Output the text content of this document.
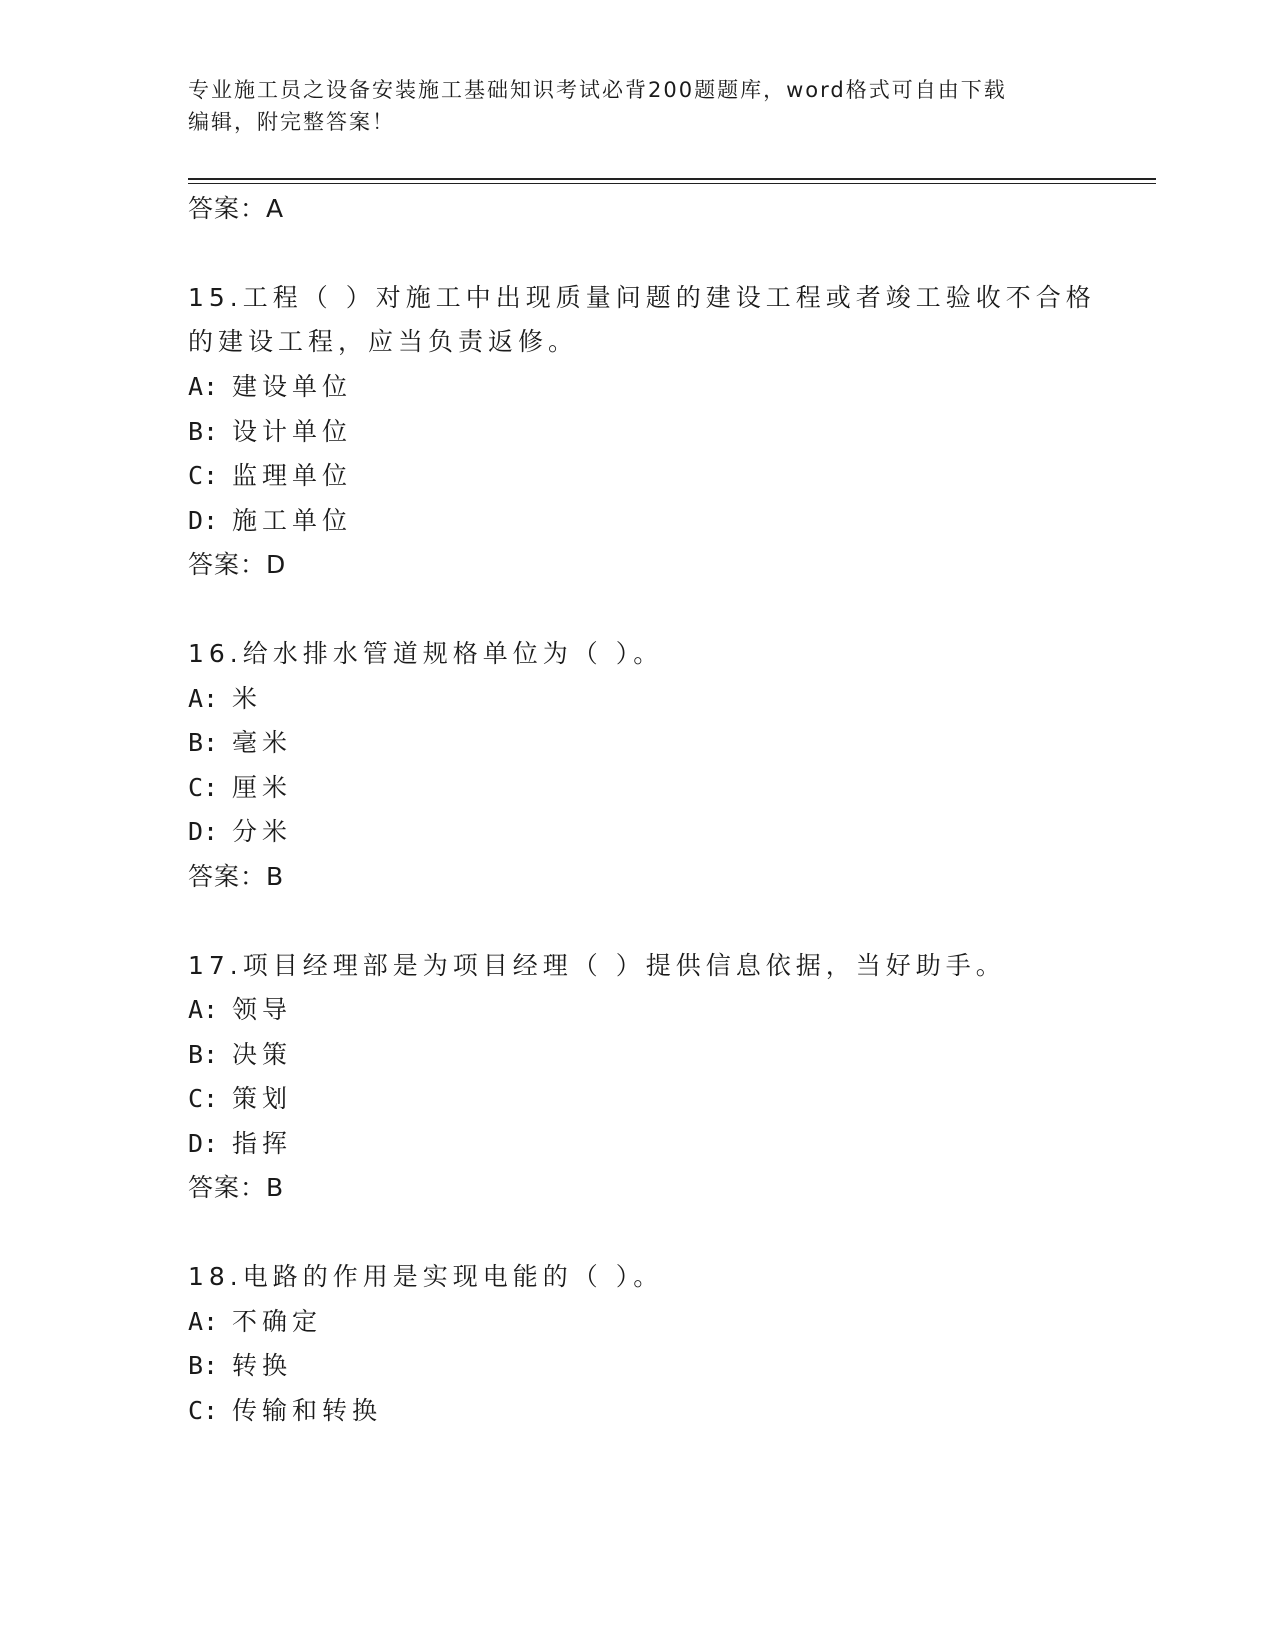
专业施工员之设备安装施工基础知识考试必背200题题库，word格式可自由下载
编辑，附完整答案！
答案：A
15.工程（ ）对施工中出现质量问题的建设工程或者竣工验收不合格
的建设工程，应当负责返修。
A: 建设单位
B: 设计单位
C: 监理单位
D: 施工单位
答案：D
16.给水排水管道规格单位为（ ）。
A: 米
B: 毫米
C: 厘米
D: 分米
答案：B
17.项目经理部是为项目经理（ ）提供信息依据，当好助手。
A: 领导
B: 决策
C: 策划
D: 指挥
答案：B
18.电路的作用是实现电能的（ ）。
A: 不确定
B: 转换
C: 传输和转换
